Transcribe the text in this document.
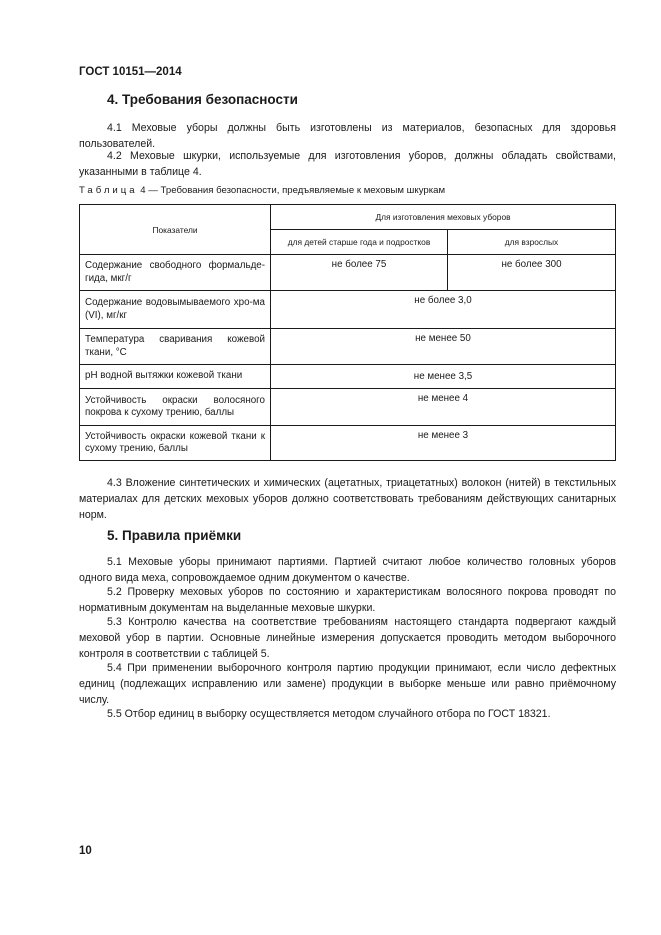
ГОСТ 10151—2014
4. Требования безопасности

4.1 Меховые уборы должны быть изготовлены из материалов, безопасных для здоровья пользователей.

4.2 Меховые шкурки, используемые для изготовления уборов, должны обладать свойствами, указанными в таблице 4.

Таблица 4 — Требования безопасности, предъявляемые к меховым шкуркам
Показатели	Для изготовления меховых уборов	
	для детей старше года и подростков	для взрослых
Содержание свободного формальде-гида, мкг/г	не более 75	не более 300
Содержание водовымываемого хро-ма (VI), мг/кг	не более 3,0	
Температура сваривания кожевой ткани, °С	не менее 50	
pH водной вытяжки кожевой ткани	не менее 3,5	
Устойчивость окраски волосяного покрова к сухому трению, баллы	не менее 4	
Устойчивость окраски кожевой ткани к сухому трению, баллы	не менее 3	

4.3 Вложение синтетических и химических (ацетатных, триацетатных) волокон (нитей) в текстильных материалах для детских меховых уборов должно соответствовать требованиям действующих санитарных норм.

5. Правила приёмки

5.1 Меховые уборы принимают партиями. Партией считают любое количество головных уборов одного вида меха, сопровождаемое одним документом о качестве.

5.2 Проверку меховых уборов по состоянию и характеристикам волосяного покрова проводят по нормативным документам на выделанные меховые шкурки.

5.3 Контролю качества на соответствие требованиям настоящего стандарта подвергают каждый меховой убор в партии. Основные линейные измерения допускается проводить методом выборочного контроля в соответствии с таблицей 5.

5.4 При применении выборочного контроля партию продукции принимают, если число дефектных единиц (подлежащих исправлению или замене) продукции в выборке меньше или равно приёмочному числу.

5.5 Отбор единиц в выборку осуществляется методом случайного отбора по ГОСТ 18321.

10
